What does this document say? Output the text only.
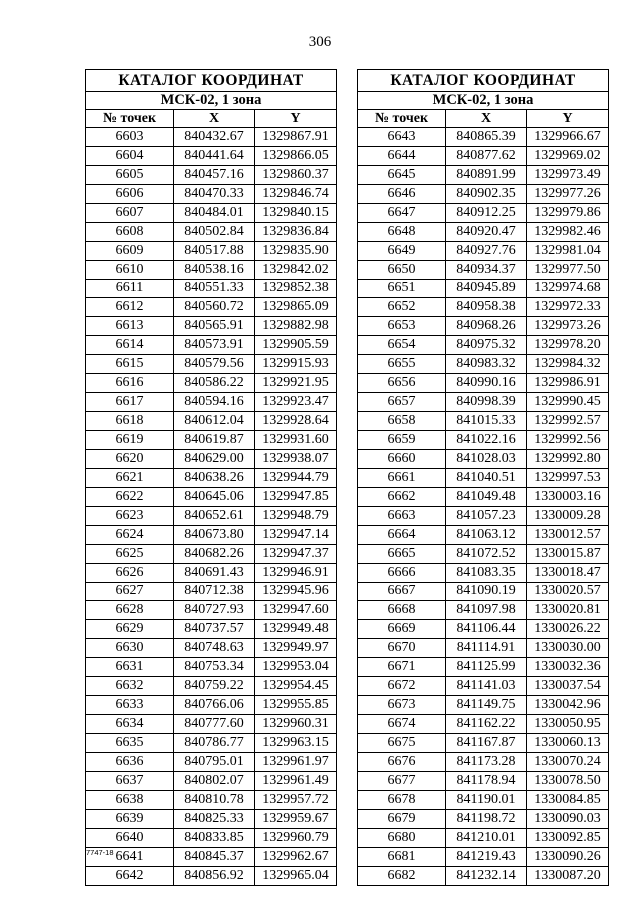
306
КАТАЛОГ КООРДИНАТ		
МСК-02, 1 зона		
№ точек	X	Y
6603	840432.67	1329867.91
6604	840441.64	1329866.05
6605	840457.16	1329860.37
6606	840470.33	1329846.74
6607	840484.01	1329840.15
6608	840502.84	1329836.84
6609	840517.88	1329835.90
6610	840538.16	1329842.02
6611	840551.33	1329852.38
6612	840560.72	1329865.09
6613	840565.91	1329882.98
6614	840573.91	1329905.59
6615	840579.56	1329915.93
6616	840586.22	1329921.95
6617	840594.16	1329923.47
6618	840612.04	1329928.64
6619	840619.87	1329931.60
6620	840629.00	1329938.07
6621	840638.26	1329944.79
6622	840645.06	1329947.85
6623	840652.61	1329948.79
6624	840673.80	1329947.14
6625	840682.26	1329947.37
6626	840691.43	1329946.91
6627	840712.38	1329945.96
6628	840727.93	1329947.60
6629	840737.57	1329949.48
6630	840748.63	1329949.97
6631	840753.34	1329953.04
6632	840759.22	1329954.45
6633	840766.06	1329955.85
6634	840777.60	1329960.31
6635	840786.77	1329963.15
6636	840795.01	1329961.97
6637	840802.07	1329961.49
6638	840810.78	1329957.72
6639	840825.33	1329959.67
6640	840833.85	1329960.79
6641	840845.37	1329962.67
6642	840856.92	1329965.04
КАТАЛОГ КООРДИНАТ		
МСК-02, 1 зона		
№ точек	X	Y
6643	840865.39	1329966.67
6644	840877.62	1329969.02
6645	840891.99	1329973.49
6646	840902.35	1329977.26
6647	840912.25	1329979.86
6648	840920.47	1329982.46
6649	840927.76	1329981.04
6650	840934.37	1329977.50
6651	840945.89	1329974.68
6652	840958.38	1329972.33
6653	840968.26	1329973.26
6654	840975.32	1329978.20
6655	840983.32	1329984.32
6656	840990.16	1329986.91
6657	840998.39	1329990.45
6658	841015.33	1329992.57
6659	841022.16	1329992.56
6660	841028.03	1329992.80
6661	841040.51	1329997.53
6662	841049.48	1330003.16
6663	841057.23	1330009.28
6664	841063.12	1330012.57
6665	841072.52	1330015.87
6666	841083.35	1330018.47
6667	841090.19	1330020.57
6668	841097.98	1330020.81
6669	841106.44	1330026.22
6670	841114.91	1330030.00
6671	841125.99	1330032.36
6672	841141.03	1330037.54
6673	841149.75	1330042.96
6674	841162.22	1330050.95
6675	841167.87	1330060.13
6676	841173.28	1330070.24
6677	841178.94	1330078.50
6678	841190.01	1330084.85
6679	841198.72	1330090.03
6680	841210.01	1330092.85
6681	841219.43	1330090.26
6682	841232.14	1330087.20
7747-18
